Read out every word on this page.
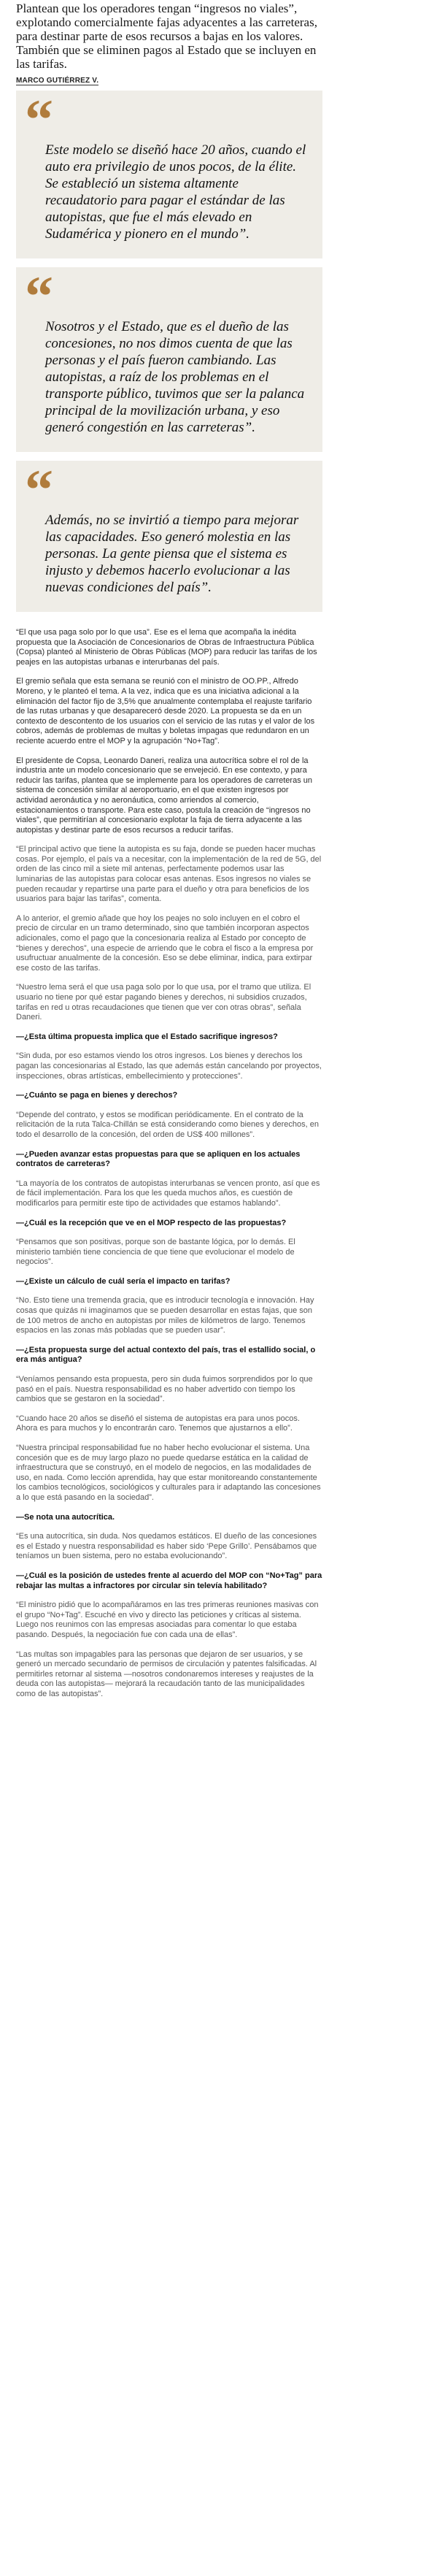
Plantean que los operadores tengan “ingresos no viales”, explotando comercialmente fajas adyacentes a las carreteras, para destinar parte de esos recursos a bajas en los valores. También que se eliminen pagos al Estado que se incluyen en las tarifas.

MARCO GUTIÉRREZ V.
“

Este modelo se diseñó hace 20 años, cuando el auto era privilegio de unos pocos, de la élite. Se estableció un sistema altamente recaudatorio para pagar el estándar de las autopistas, que fue el más elevado en Sudamérica y pionero en el mundo”.

“

Nosotros y el Estado, que es el dueño de las concesiones, no nos dimos cuenta de que las personas y el país fueron cambiando. Las autopistas, a raíz de los problemas en el transporte público, tuvimos que ser la palanca principal de la movilización urbana, y eso generó congestión en las carreteras”.

“

Además, no se invirtió a tiempo para mejorar las capacidades. Eso generó molestia en las personas. La gente piensa que el sistema es injusto y debemos hacerlo evolucionar a las nuevas condiciones del país”.

“El que usa paga solo por lo que usa”. Ese es el lema que acompaña la inédita propuesta que la Asociación de Concesionarios de Obras de Infraestructura Pública (Copsa) planteó al Ministerio de Obras Públicas (MOP) para reducir las tarifas de los peajes en las autopistas urbanas e interurbanas del país.

El gremio señala que esta semana se reunió con el ministro de OO.PP., Alfredo Moreno, y le planteó el tema. A la vez, indica que es una iniciativa adicional a la eliminación del factor fijo de 3,5% que anualmente contemplaba el reajuste tarifario de las rutas urbanas y que desapareceró desde 2020. La propuesta se da en un contexto de descontento de los usuarios con el servicio de las rutas y el valor de los cobros, además de problemas de multas y boletas impagas que redundaron en un reciente acuerdo entre el MOP y la agrupación “No+Tag”.

El presidente de Copsa, Leonardo Daneri, realiza una autocrítica sobre el rol de la industria ante un modelo concesionario que se envejeció. En ese contexto, y para reducir las tarifas, plantea que se implemente para los operadores de carreteras un sistema de concesión similar al aeroportuario, en el que existen ingresos por actividad aeronáutica y no aeronáutica, como arriendos al comercio, estacionamientos o transporte. Para este caso, postula la creación de “ingresos no viales”, que permitirían al concesionario explotar la faja de tierra adyacente a las autopistas y destinar parte de esos recursos a reducir tarifas.

“El principal activo que tiene la autopista es su faja, donde se pueden hacer muchas cosas. Por ejemplo, el país va a necesitar, con la implementación de la red de 5G, del orden de las cinco mil a siete mil antenas, perfectamente podemos usar las luminarias de las autopistas para colocar esas antenas. Esos ingresos no viales se pueden recaudar y repartirse una parte para el dueño y otra para beneficios de los usuarios para bajar las tarifas”, comenta.

A lo anterior, el gremio añade que hoy los peajes no solo incluyen en el cobro el precio de circular en un tramo determinado, sino que también incorporan aspectos adicionales, como el pago que la concesionaria realiza al Estado por concepto de “bienes y derechos”, una especie de arriendo que le cobra el fisco a la empresa por usufructuar anualmente de la concesión. Eso se debe eliminar, indica, para extirpar ese costo de las tarifas.

“Nuestro lema será el que usa paga solo por lo que usa, por el tramo que utiliza. El usuario no tiene por qué estar pagando bienes y derechos, ni subsidios cruzados, tarifas en red u otras recaudaciones que tienen que ver con otras obras”, señala Daneri.

—¿Esta última propuesta implica que el Estado sacrifique ingresos?

“Sin duda, por eso estamos viendo los otros ingresos. Los bienes y derechos los pagan las concesionarias al Estado, las que además están cancelando por proyectos, inspecciones, obras artísticas, embellecimiento y protecciones”.

—¿Cuánto se paga en bienes y derechos?

“Depende del contrato, y estos se modifican periódicamente. En el contrato de la relicitación de la ruta Talca-Chillán se está considerando como bienes y derechos, en todo el desarrollo de la concesión, del orden de US$ 400 millones”.

—¿Pueden avanzar estas propuestas para que se apliquen en los actuales contratos de carreteras?

“La mayoría de los contratos de autopistas interurbanas se vencen pronto, así que es de fácil implementación. Para los que les queda muchos años, es cuestión de modificarlos para permitir este tipo de actividades que estamos hablando”.

—¿Cuál es la recepción que ve en el MOP respecto de las propuestas?

“Pensamos que son positivas, porque son de bastante lógica, por lo demás. El ministerio también tiene conciencia de que tiene que evolucionar el modelo de negocios”.

—¿Existe un cálculo de cuál sería el impacto en tarifas?

“No. Esto tiene una tremenda gracia, que es introducir tecnología e innovación. Hay cosas que quizás ni imaginamos que se pueden desarrollar en estas fajas, que son de 100 metros de ancho en autopistas por miles de kilómetros de largo. Tenemos espacios en las zonas más pobladas que se pueden usar”.

—¿Esta propuesta surge del actual contexto del país, tras el estallido social, o era más antigua?

“Veníamos pensando esta propuesta, pero sin duda fuimos sorprendidos por lo que pasó en el país. Nuestra responsabilidad es no haber advertido con tiempo los cambios que se gestaron en la sociedad”.

“Cuando hace 20 años se diseñó el sistema de autopistas era para unos pocos. Ahora es para muchos y lo encontrarán caro. Tenemos que ajustarnos a ello”.

“Nuestra principal responsabilidad fue no haber hecho evolucionar el sistema. Una concesión que es de muy largo plazo no puede quedarse estática en la calidad de infraestructura que se construyó, en el modelo de negocios, en las modalidades de uso, en nada. Como lección aprendida, hay que estar monitoreando constantemente los cambios tecnológicos, sociológicos y culturales para ir adaptando las concesiones a lo que está pasando en la sociedad”.

—Se nota una autocrítica.

“Es una autocrítica, sin duda. Nos quedamos estáticos. El dueño de las concesiones es el Estado y nuestra responsabilidad es haber sido ‘Pepe Grillo’. Pensábamos que teníamos un buen sistema, pero no estaba evolucionando”.

—¿Cuál es la posición de ustedes frente al acuerdo del MOP con “No+Tag” para rebajar las multas a infractores por circular sin televía habilitado?

“El ministro pidió que lo acompañáramos en las tres primeras reuniones masivas con el grupo “No+Tag”. Escuché en vivo y directo las peticiones y críticas al sistema. Luego nos reunimos con las empresas asociadas para comentar lo que estaba pasando. Después, la negociación fue con cada una de ellas”.

“Las multas son impagables para las personas que dejaron de ser usuarios, y se generó un mercado secundario de permisos de circulación y patentes falsificadas. Al permitirles retornar al sistema —nosotros condonaremos intereses y reajustes de la deuda con las autopistas— mejorará la recaudación tanto de las municipalidades como de las autopistas”.
